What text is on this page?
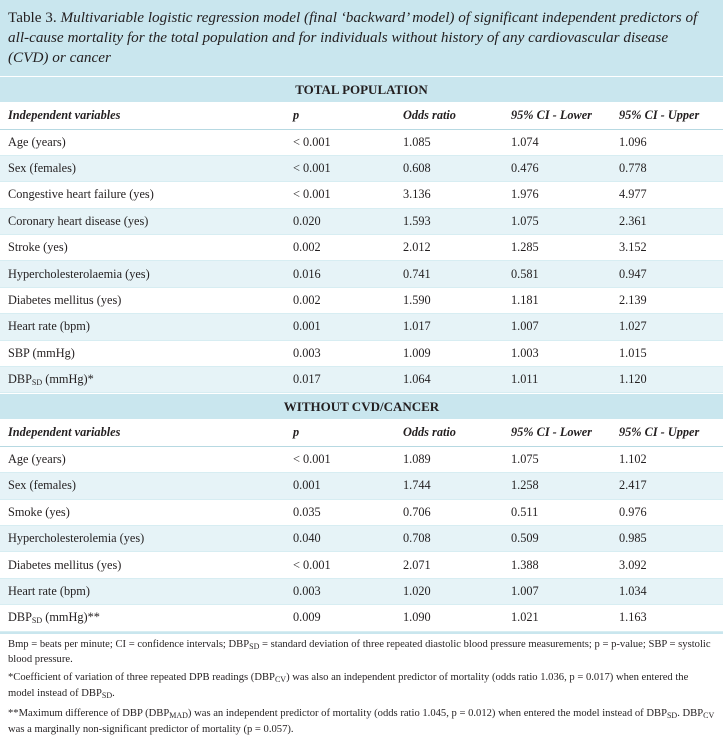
Table 3. Multivariable logistic regression model (final ‘backward’ model) of significant independent predictors of all-cause mortality for the total population and for individuals without history of any cardiovascular disease (CVD) or cancer
TOTAL POPULATION
Independent variables	p	Odds ratio	95% CI - Lower	95% CI - Upper
Age (years)	< 0.001	1.085	1.074	1.096
Sex (females)	< 0.001	0.608	0.476	0.778
Congestive heart failure (yes)	< 0.001	3.136	1.976	4.977
Coronary heart disease (yes)	0.020	1.593	1.075	2.361
Stroke (yes)	0.002	2.012	1.285	3.152
Hypercholesterolaemia (yes)	0.016	0.741	0.581	0.947
Diabetes mellitus (yes)	0.002	1.590	1.181	2.139
Heart rate (bpm)	0.001	1.017	1.007	1.027
SBP (mmHg)	0.003	1.009	1.003	1.015
$DBP_{SD}$ (mmHg)*	0.017	1.064	1.011	1.120
WITHOUT CVD/CANCER
Independent variables	p	Odds ratio	95% CI - Lower	95% CI - Upper
Age (years)	< 0.001	1.089	1.075	1.102
Sex (females)	0.001	1.744	1.258	2.417
Smoke (yes)	0.035	0.706	0.511	0.976
Hypercholesterolemia (yes)	0.040	0.708	0.509	0.985
Diabetes mellitus (yes)	< 0.001	2.071	1.388	3.092
Heart rate (bpm)	0.003	1.020	1.007	1.034
$DBP_{SD}$ (mmHg)**	0.009	1.090	1.021	1.163

Bmp = beats per minute; CI = confidence intervals; $DBP_{SD}$ = standard deviation of three repeated diastolic blood pressure measurements; p = p-value; SBP = systolic blood pressure.

*Coefficient of variation of three repeated DPB readings $(DBP_{CV})$ was also an independent predictor of mortality (odds ratio 1.036, p = 0.017) when entered the model instead of $DBP_{SD}$.

**Maximum difference of DBP $(DBP_{MAD})$ was an independent predictor of mortality (odds ratio 1.045, p = 0.012) when entered the model instead of $DBP_{SD}$. $DBP_{CV}$ was a marginally non-significant predictor of mortality (p = 0.057).
